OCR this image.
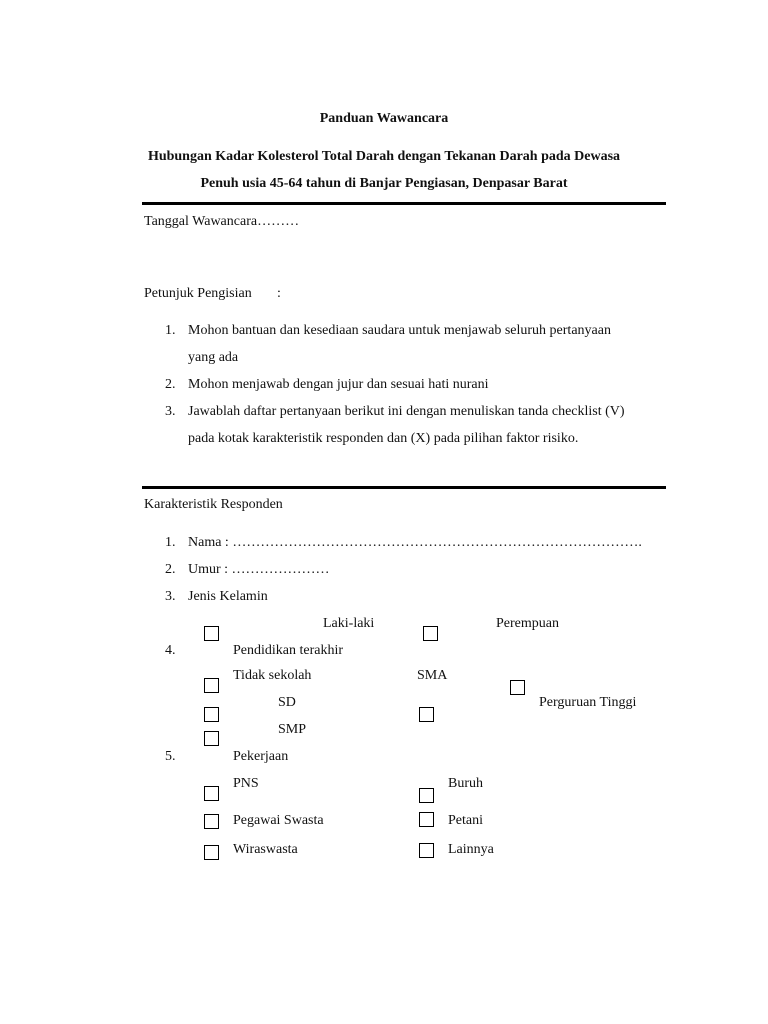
Panduan Wawancara
Hubungan Kadar Kolesterol Total Darah dengan Tekanan Darah pada Dewasa
Penuh usia 45-64 tahun di Banjar Pengiasan, Denpasar Barat
Tanggal Wawancara………
Petunjuk Pengisian :
1. Mohon bantuan dan kesediaan saudara untuk menjawab seluruh pertanyaan
yang ada
2. Mohon menjawab dengan jujur dan sesuai hati nurani
3. Jawablah daftar pertanyaan berikut ini dengan menuliskan tanda checklist (V)
pada kotak karakteristik responden dan (X) pada pilihan faktor risiko.
Karakteristik Responden
1. Nama : …………………………………………………………………………….
2. Umur : …………………
3. Jenis Kelamin
Laki-laki	Perempuan
4.	Pendidikan terakhir
Tidak sekolah	SMA
SD	Perguruan Tinggi
SMP
5.	Pekerjaan
PNS	Buruh
Pegawai Swasta	Petani
Wiraswasta	Lainnya
